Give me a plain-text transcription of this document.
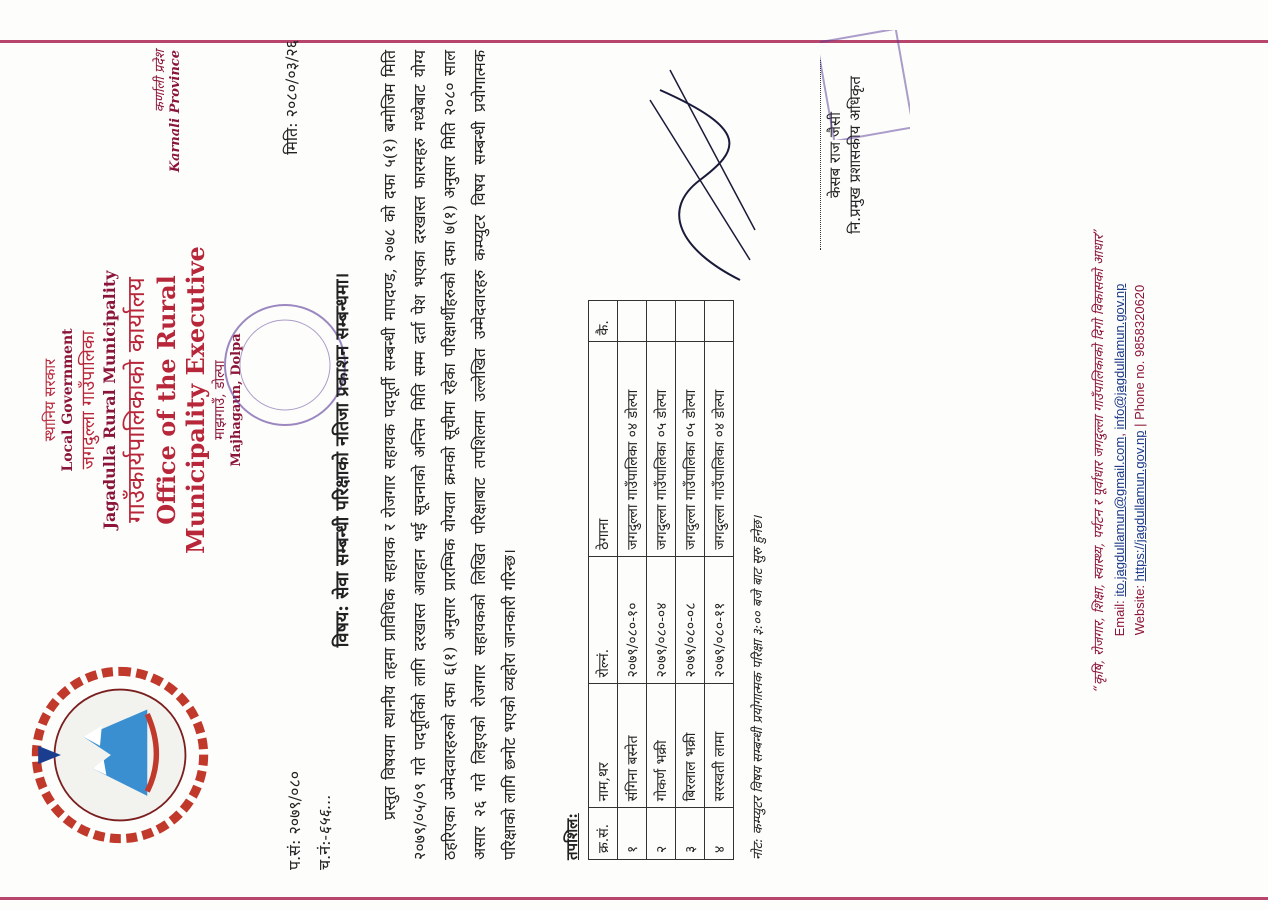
स्थानिय सरकार Local Government जगदुल्ला गाउँपालिका Jagadulla Rural Municipality गाउँकार्यपालिकाको कार्यालय Office of the Rural Municipality Executive माझगाउँ, डोल्पा Majhagaun, Dolpa
कर्णाली प्रदेश Karnali Province
प.सं: २०७९/०८० च.नं:-६५६...
मिति: २०८०/०३/२६
विषय: सेवा सम्बन्धी परिक्षाको नतिजा प्रकाशन सम्बन्धमा।	प्रस्तुत विषयमा स्थानीय तहमा प्राविधिक सहायक र रोजगार सहायक पदपूर्ती सम्बन्धी मापदण्ड, २०७८ को दफा ५(१) बमोजिम मिति २०७९/०५/०९ गते पदपूर्तिको लागि दरखास्त आवहान भई सूचनाको अन्तिम मिति सम्म दर्ता पेश भएका दरखास्त फारमहरु मध्येबाट योग्य ठहरिएका उम्मेदवारहरुको दफा ६(१) अनुसार प्रारम्भिक योग्यता क्रमको सूचीमा रहेका परिक्षार्थीहरुको दफा ७(१) अनुसार मिति २०८० साल असार २६ गते लिइएको रोजगार सहायकको लिखित परिक्षाबाट तपशिलमा उल्लेखित उम्मेदवारहरु कम्प्युटर विषय सम्बन्धी प्रयोगात्मक परिक्षाको लागि छनोट भएको व्यहोरा जानकारी गरिन्छ।	तपशिल: क्र.सं.	नाम,थर	रोल्नं.	ठेगाना	कै.
१	संगिना बस्नेत	२०७९/०८०-१०	जगदुल्ला गाउँपालिका ०४ डोल्पा	
२	गोकर्ण भक्री	२०७९/०८०-०४	जगदुल्ला गाउँपालिका ०५ डोल्पा	
३	बिरलाल भक्री	२०७९/०८०-०८	जगदुल्ला गाउँपालिका ०५ डोल्पा	
४	सरस्वती लामा	२०७९/०८०-११	जगदुल्ला गाउँपालिका ०४ डोल्पा	
नोट: कम्प्युटर विषय सम्बन्धी प्रयोगात्मक परिक्षा ३:०० बजे बाट सुरु हुनेछ।
केसब राज जैसी नि.प्रमुख प्रशासकीय अधिकृत
“कृषि, रोजगार, शिक्षा, स्वास्थ्य, पर्यटन र पूर्वाधार जगदुल्ला गाउँपालिकाको दिगो विकासको आधार” Email: ito.jagdullamun@gmail.com, info@jagdullamun.gov.np
Website: https://jagdullamun.gov.np | Phone no. 9858320620
